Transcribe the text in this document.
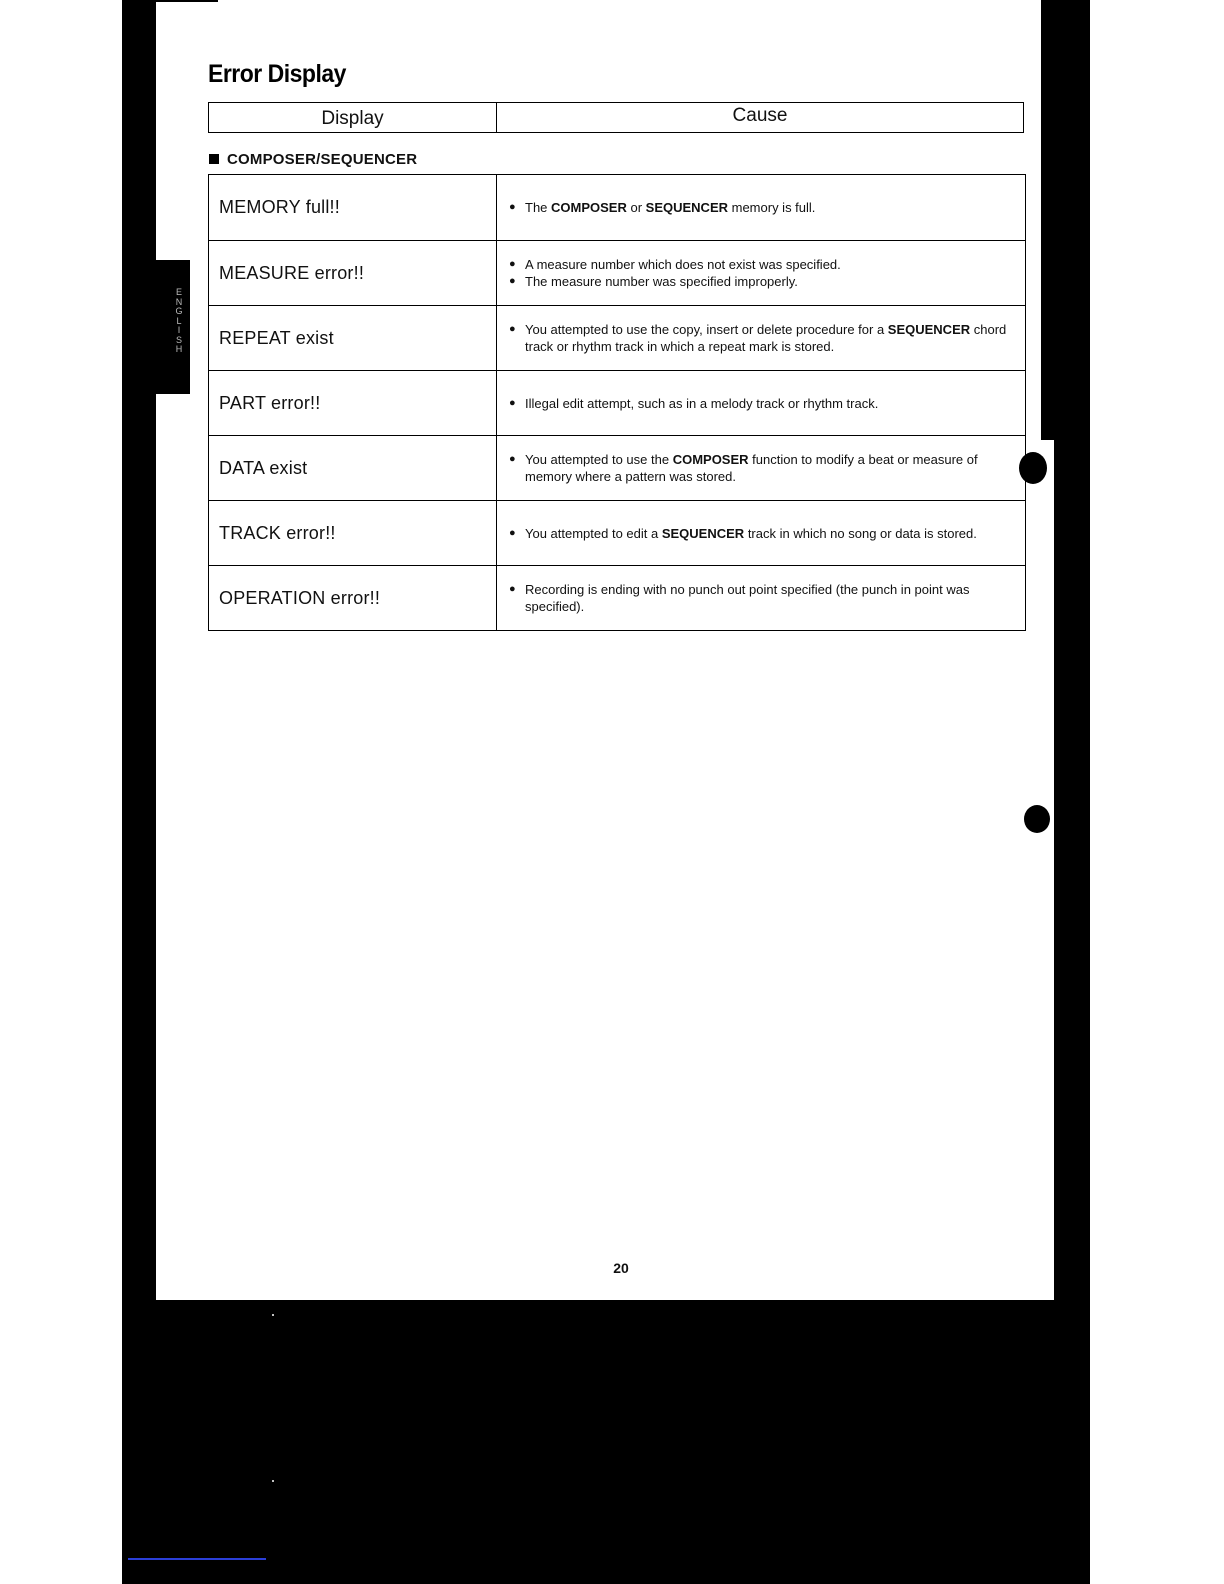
E
N
G
L
I
S
H
Error Display
Display	Cause
COMPOSER/SEQUENCER
MEMORY full!!	● The COMPOSER or SEQUENCER memory is full.
MEASURE error!!	● A measure number which does not exist was specified.
● The measure number was specified improperly.
REPEAT exist	● You attempted to use the copy, insert or delete procedure for a SEQUENCER chord track or rhythm track in which a repeat mark is stored.
PART error!!	● Illegal edit attempt, such as in a melody track or rhythm track.
DATA exist	● You attempted to use the COMPOSER function to modify a beat or measure of memory where a pattern was stored.
TRACK error!!	● You attempted to edit a SEQUENCER track in which no song or data is stored.
OPERATION error!!	● Recording is ending with no punch out point specified (the punch in point was specified).
20
